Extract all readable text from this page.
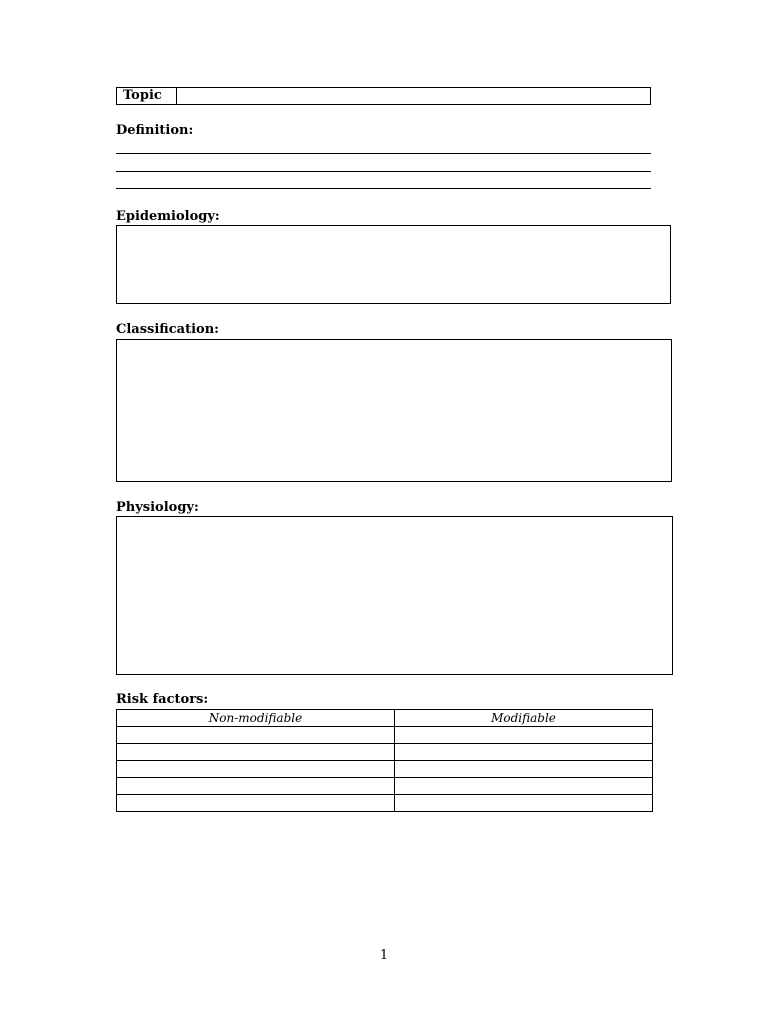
Topic
Definition:
Epidemiology:
Classification:
Physiology:
Risk factors:
Non-modifiable	Modifiable

1
